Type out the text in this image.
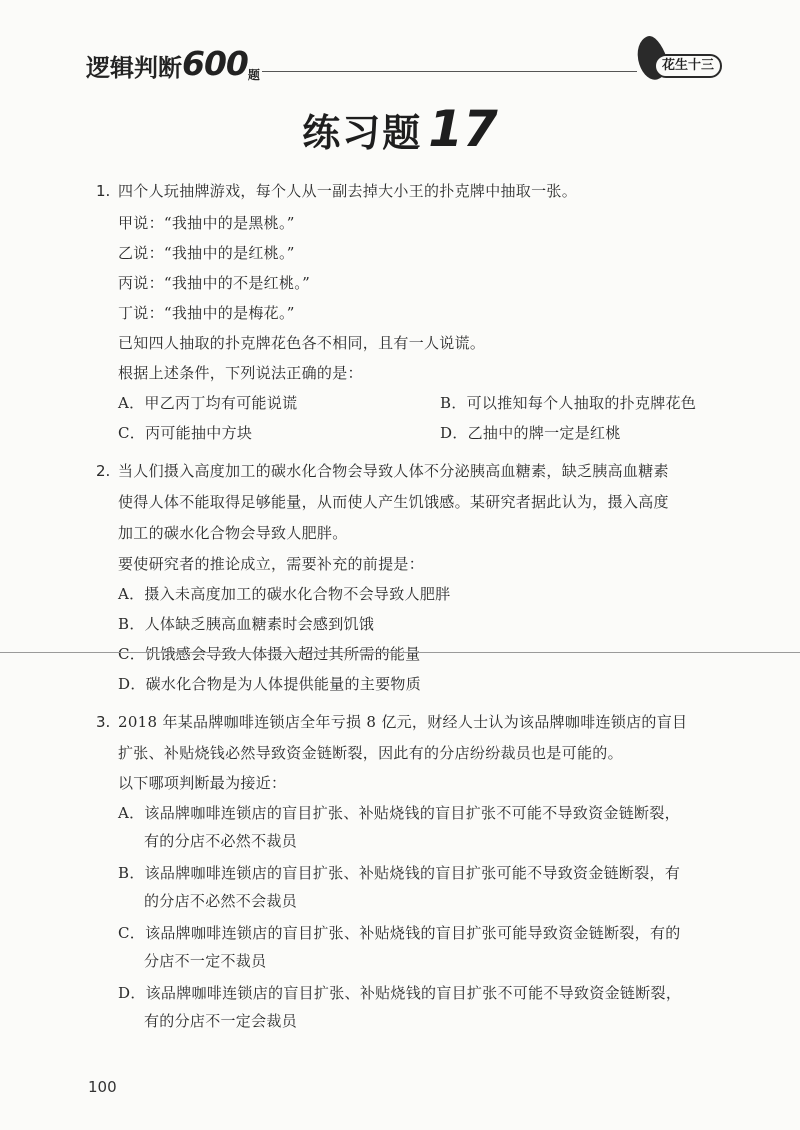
逻辑判断600题
花生十三
练习题 17
1. 四个人玩抽牌游戏，每个人从一副去掉大小王的扑克牌中抽取一张。
甲说：“我抽中的是黑桃。”
乙说：“我抽中的是红桃。”
丙说：“我抽中的不是红桃。”
丁说：“我抽中的是梅花。”
已知四人抽取的扑克牌花色各不相同，且有一人说谎。
根据上述条件，下列说法正确的是：
A．甲乙丙丁均有可能说谎	B．可以推知每个人抽取的扑克牌花色
C．丙可能抽中方块	D．乙抽中的牌一定是红桃
2. 当人们摄入高度加工的碳水化合物会导致人体不分泌胰高血糖素，缺乏胰高血糖素
使得人体不能取得足够能量，从而使人产生饥饿感。某研究者据此认为，摄入高度
加工的碳水化合物会导致人肥胖。
要使研究者的推论成立，需要补充的前提是：
A．摄入未高度加工的碳水化合物不会导致人肥胖
B．人体缺乏胰高血糖素时会感到饥饿
C．饥饿感会导致人体摄入超过其所需的能量
D．碳水化合物是为人体提供能量的主要物质
3. 2018 年某品牌咖啡连锁店全年亏损 8 亿元，财经人士认为该品牌咖啡连锁店的盲目
扩张、补贴烧钱必然导致资金链断裂，因此有的分店纷纷裁员也是可能的。
以下哪项判断最为接近：
A．该品牌咖啡连锁店的盲目扩张、补贴烧钱的盲目扩张不可能不导致资金链断裂，
有的分店不必然不裁员
B．该品牌咖啡连锁店的盲目扩张、补贴烧钱的盲目扩张可能不导致资金链断裂，有
的分店不必然不会裁员
C．该品牌咖啡连锁店的盲目扩张、补贴烧钱的盲目扩张可能导致资金链断裂，有的
分店不一定不裁员
D．该品牌咖啡连锁店的盲目扩张、补贴烧钱的盲目扩张不可能不导致资金链断裂，
有的分店不一定会裁员
100
